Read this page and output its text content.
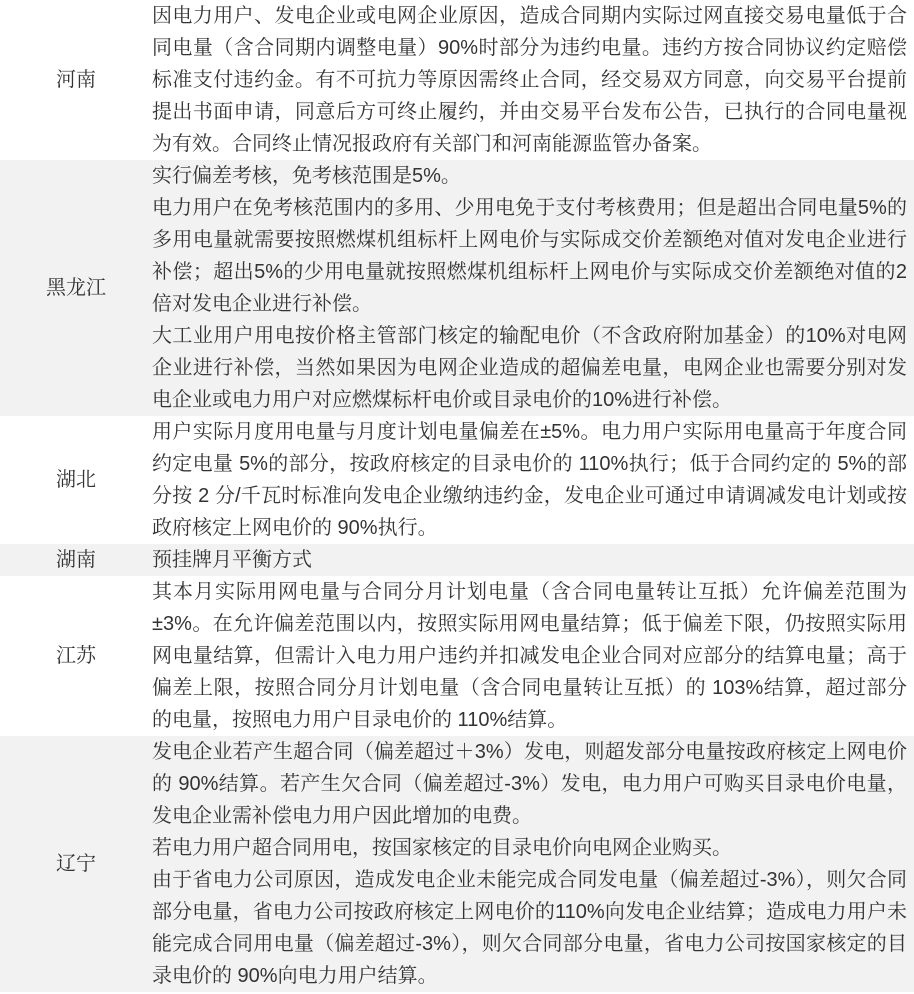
河南

因电力用户、发电企业或电网企业原因，造成合同期内实际过网直接交易电量低于合同电量（含合同期内调整电量）90%时部分为违约电量。违约方按合同协议约定赔偿标准支付违约金。有不可抗力等原因需终止合同，经交易双方同意，向交易平台提前提出书面申请，同意后方可终止履约，并由交易平台发布公告，已执行的合同电量视为有效。合同终止情况报政府有关部门和河南能源监管办备案。

黑龙江

实行偏差考核，免考核范围是5%。

电力用户在免考核范围内的多用、少用电免于支付考核费用；但是超出合同电量5%的多用电量就需要按照燃煤机组标杆上网电价与实际成交价差额绝对值对发电企业进行补偿；超出5%的少用电量就按照燃煤机组标杆上网电价与实际成交价差额绝对值的2倍对发电企业进行补偿。

大工业用户用电按价格主管部门核定的输配电价（不含政府附加基金）的10%对电网企业进行补偿，当然如果因为电网企业造成的超偏差电量，电网企业也需要分别对发电企业或电力用户对应燃煤标杆电价或目录电价的10%进行补偿。

湖北

用户实际月度用电量与月度计划电量偏差在±5%。电力用户实际用电量高于年度合同约定电量 5%的部分，按政府核定的目录电价的 110%执行；低于合同约定的 5%的部分按 2 分/千瓦时标准向发电企业缴纳违约金，发电企业可通过申请调减发电计划或按政府核定上网电价的 90%执行。

湖南	预挂牌月平衡方式

江苏

其本月实际用网电量与合同分月计划电量（含合同电量转让互抵）允许偏差范围为±3%。在允许偏差范围以内，按照实际用网电量结算；低于偏差下限，仍按照实际用网电量结算，但需计入电力用户违约并扣减发电企业合同对应部分的结算电量；高于偏差上限，按照合同分月计划电量（含合同电量转让互抵）的 103%结算，超过部分的电量，按照电力用户目录电价的 110%结算。

辽宁

发电企业若产生超合同（偏差超过＋3%）发电，则超发部分电量按政府核定上网电价的 90%结算。若产生欠合同（偏差超过-3%）发电，电力用户可购买目录电价电量，发电企业需补偿电力用户因此增加的电费。

若电力用户超合同用电，按国家核定的目录电价向电网企业购买。

由于省电力公司原因，造成发电企业未能完成合同发电量（偏差超过-3%），则欠合同部分电量，省电力公司按政府核定上网电价的110%向发电企业结算；造成电力用户未能完成合同用电量（偏差超过-3%），则欠合同部分电量，省电力公司按国家核定的目录电价的 90%向电力用户结算。
